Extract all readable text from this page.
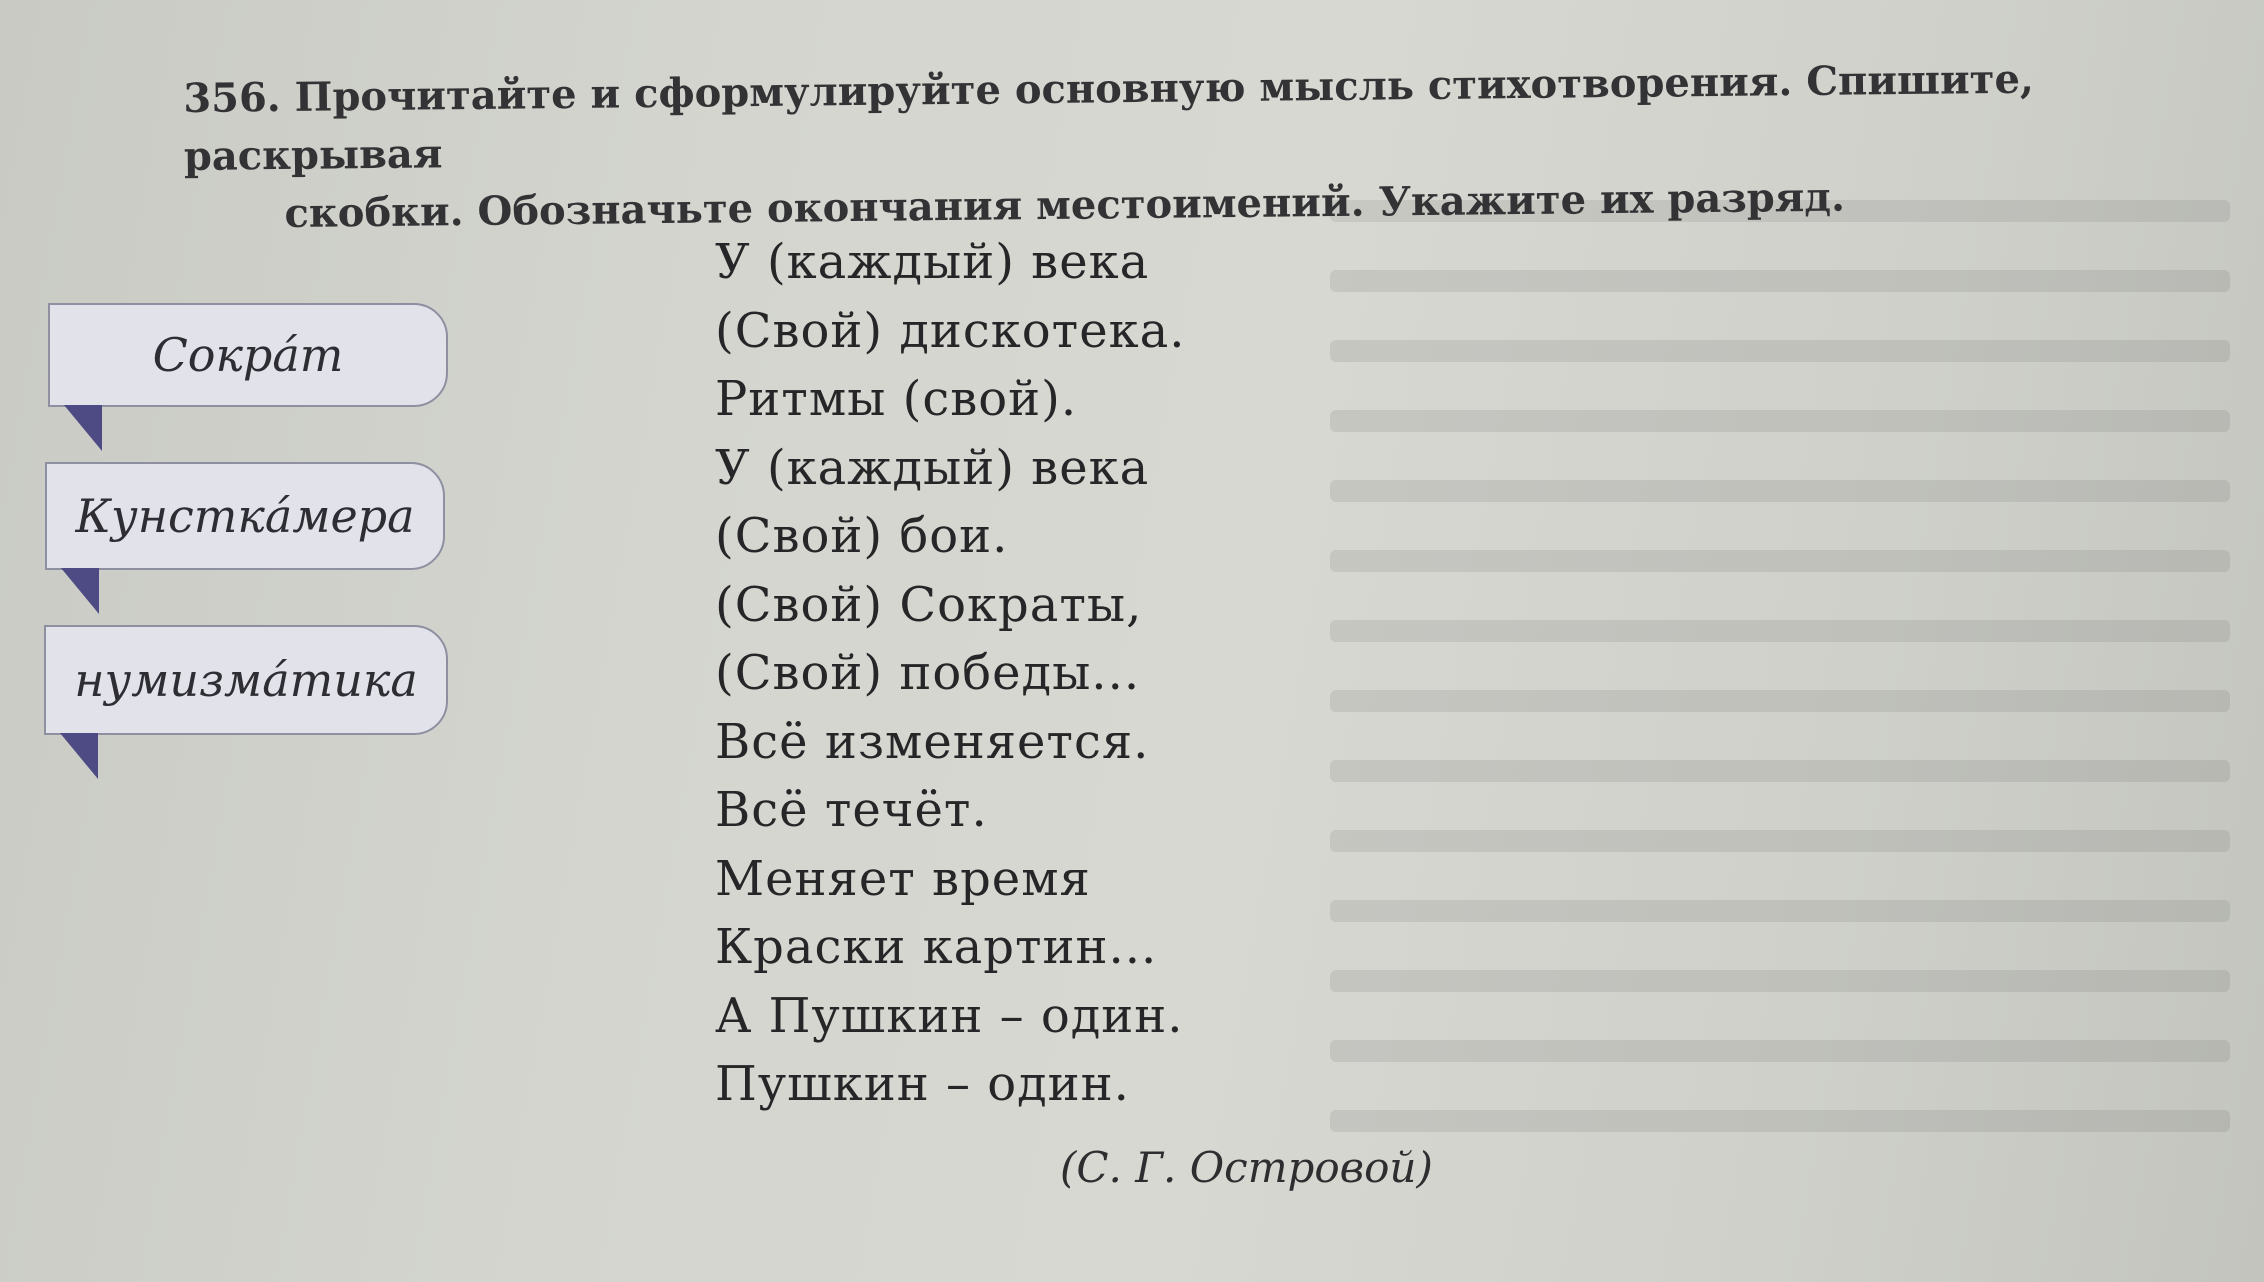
356. Прочитайте и сформулируйте основную мысль стихотворения. Спишите, раскрывая
скобки. Обозначьте окончания местоимений. Укажите их разряд.
Сокра́т
Кунстка́мера
нумизма́тика
У (каждый) века
(Свой) дискотека.
Ритмы (свой).
У (каждый) века
(Свой) бои.
(Свой) Сократы,
(Свой) победы...
Всё изменяется.
Всё течёт.
Меняет время
Краски картин...
А Пушкин – один.
Пушкин – один.
(С. Г. Островой)
